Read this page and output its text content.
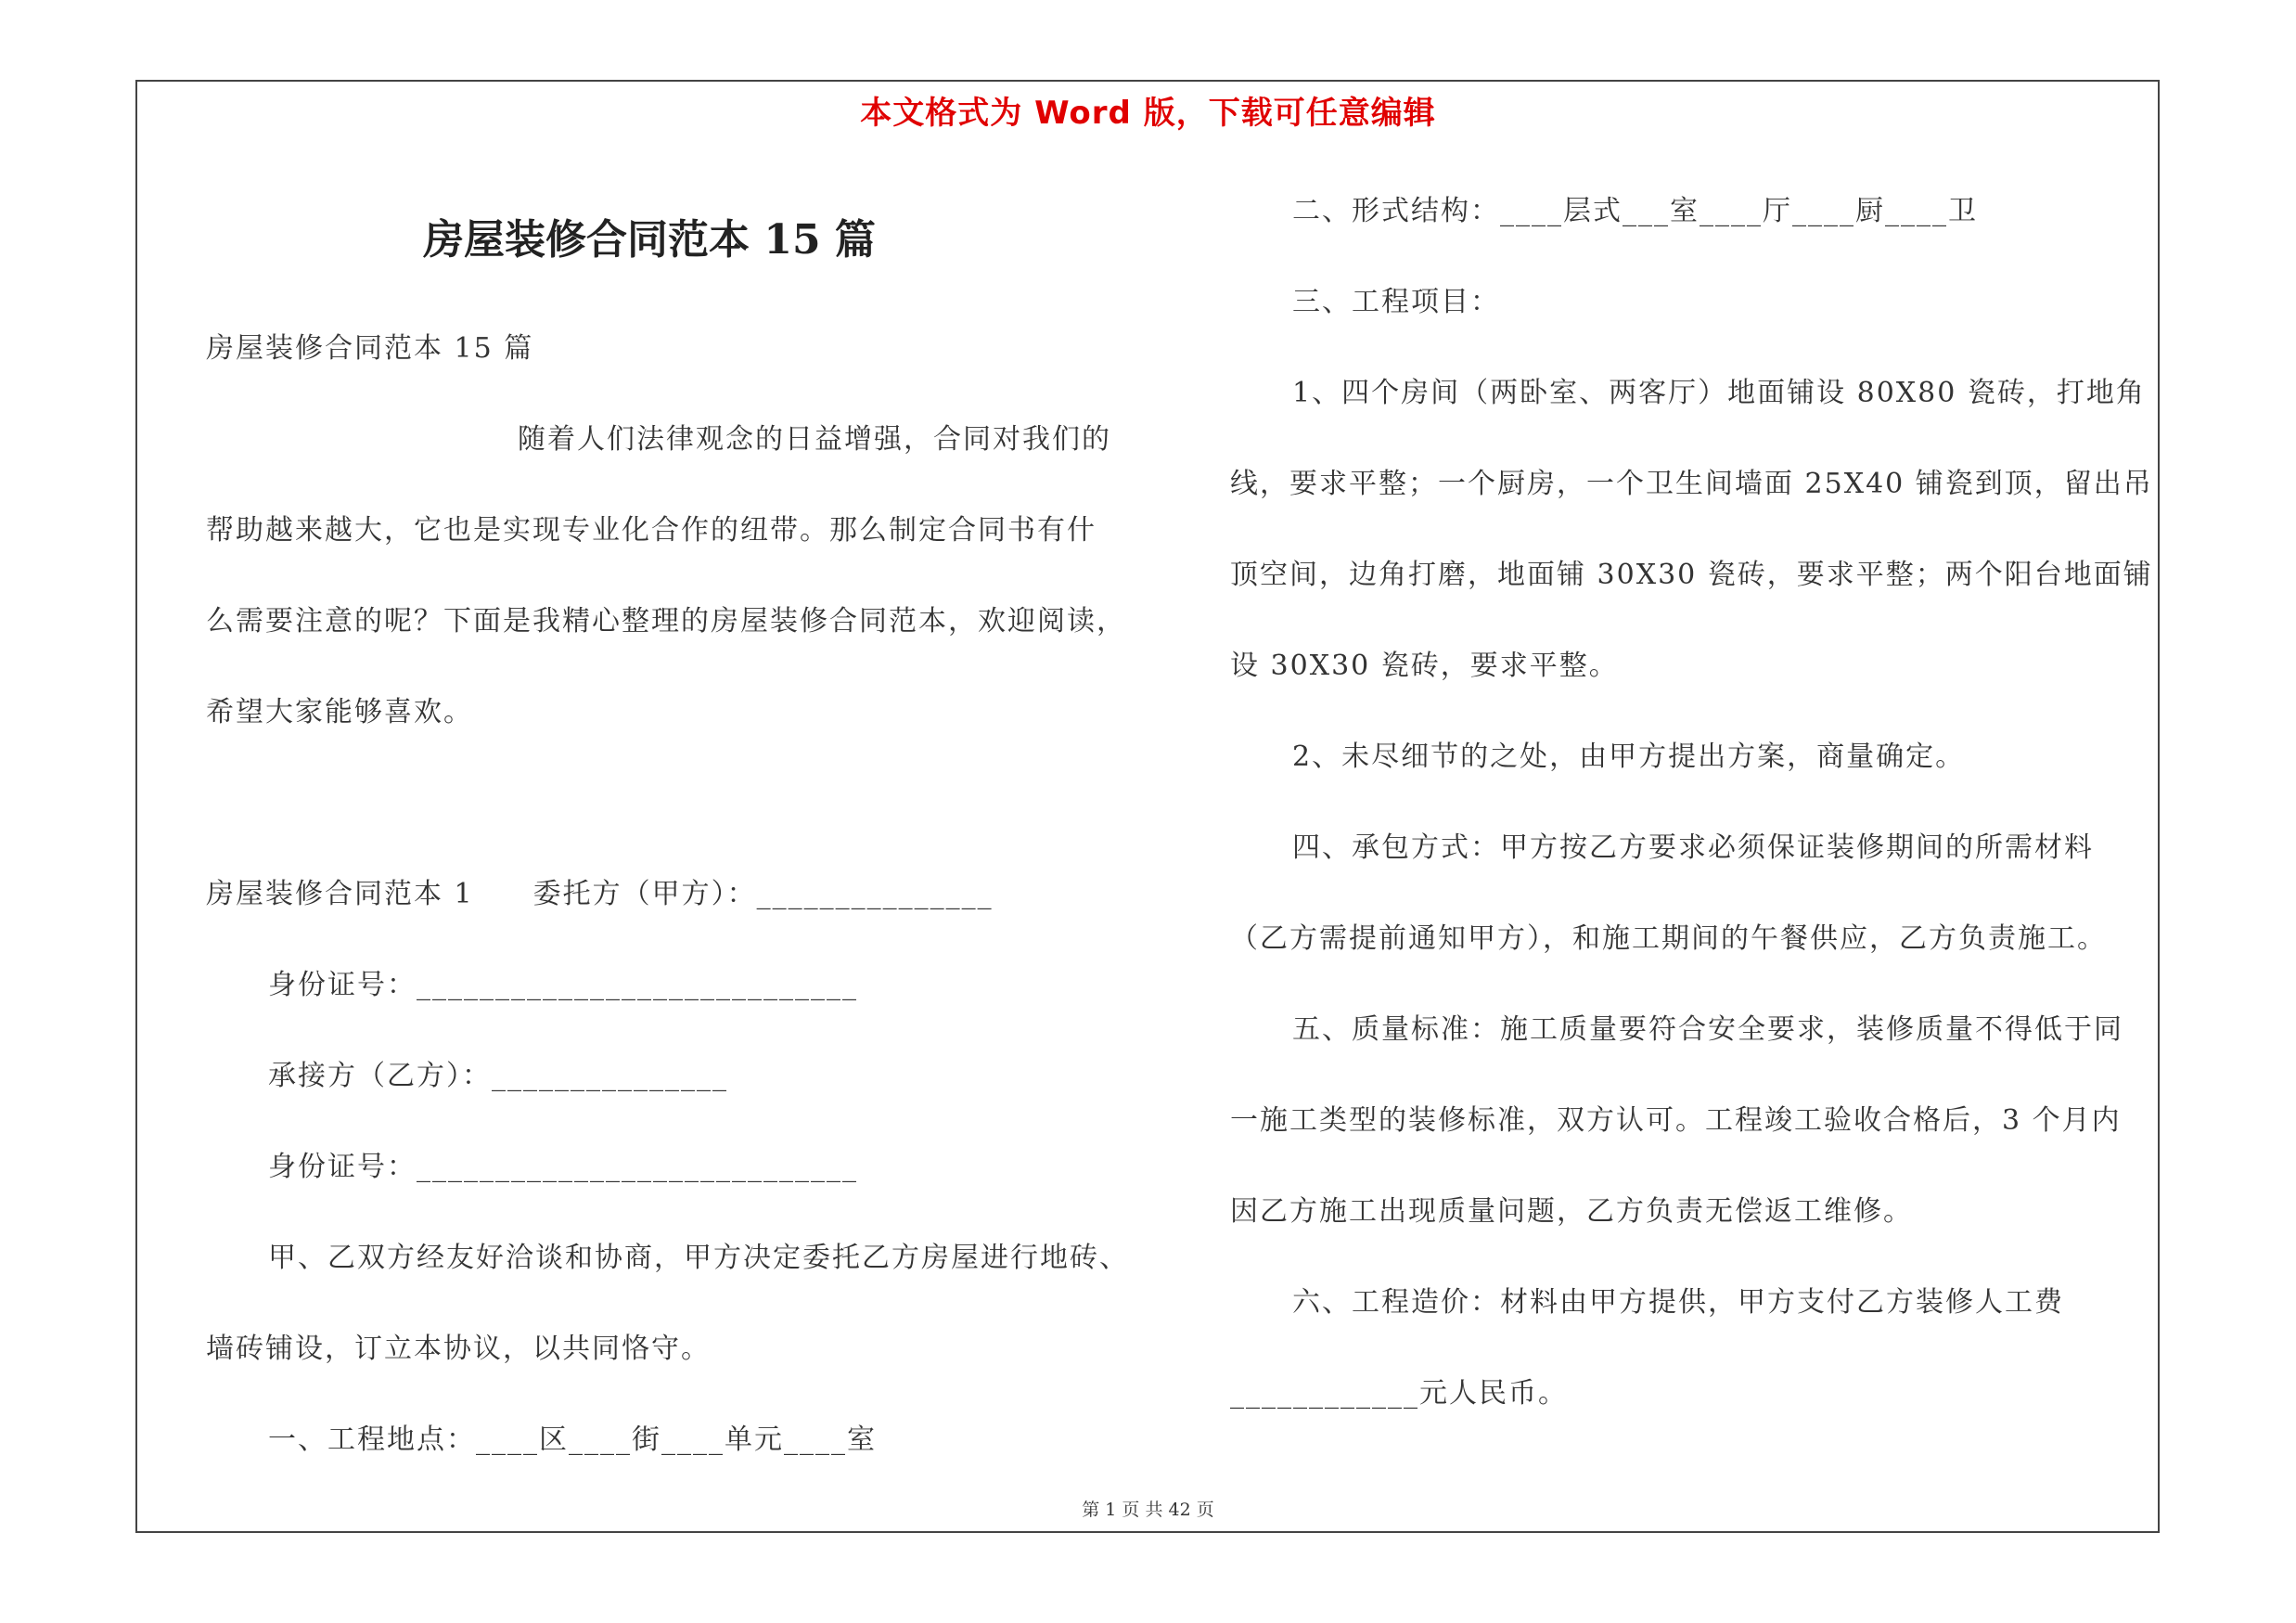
本文格式为 Word 版，下载可任意编辑
房屋装修合同范本 15 篇
房屋装修合同范本 15 篇
随着人们法律观念的日益增强，合同对我们的
帮助越来越大，它也是实现专业化合作的纽带。那么制定合同书有什
么需要注意的呢？下面是我精心整理的房屋装修合同范本，欢迎阅读，
希望大家能够喜欢。
房屋装修合同范本 1　　委托方（甲方）：_______________
身份证号：____________________________
承接方（乙方）：_______________
身份证号：____________________________
甲、乙双方经友好洽谈和协商，甲方决定委托乙方房屋进行地砖、
墙砖铺设，订立本协议，以共同恪守。
一、工程地点：____区____街____单元____室
二、形式结构：____层式___室____厅____厨____卫
三、工程项目：
1、四个房间（两卧室、两客厅）地面铺设 80X80 瓷砖，打地角
线，要求平整；一个厨房，一个卫生间墙面 25X40 铺瓷到顶，留出吊
顶空间，边角打磨，地面铺 30X30 瓷砖，要求平整；两个阳台地面铺
设 30X30 瓷砖，要求平整。
2、未尽细节的之处，由甲方提出方案，商量确定。
四、承包方式：甲方按乙方要求必须保证装修期间的所需材料
（乙方需提前通知甲方），和施工期间的午餐供应，乙方负责施工。
五、质量标准：施工质量要符合安全要求，装修质量不得低于同
一施工类型的装修标准，双方认可。工程竣工验收合格后，3 个月内
因乙方施工出现质量问题，乙方负责无偿返工维修。
六、工程造价：材料由甲方提供，甲方支付乙方装修人工费
____________元人民币。
第 1 页 共 42 页
